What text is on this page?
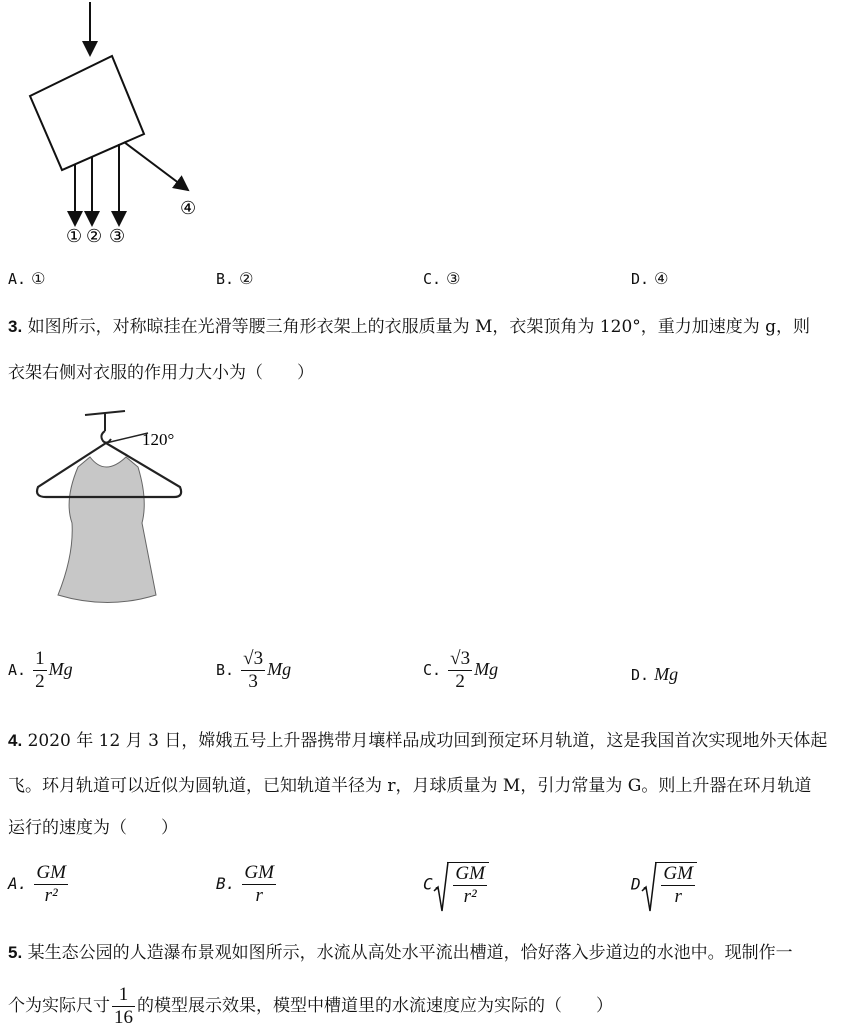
① ② ③
④
A. ①	B. ②	C. ③	D. ④
3. 如图所示，对称晾挂在光滑等腰三角形衣架上的衣服质量为 M，衣架顶角为 120°，重力加速度为 g，则
衣架右侧对衣服的作用力大小为（　　）
120°
A. $\frac{1}{2}$ Mg	B. $\frac{√3}{3}$ Mg	C. $\frac{√3}{2}$ Mg	D. Mg
4. 2020 年 12 月 3 日，嫦娥五号上升器携带月壤样品成功回到预定环月轨道，这是我国首次实现地外天体起
飞。环月轨道可以近似为圆轨道，已知轨道半径为 r，月球质量为 M，引力常量为 G。则上升器在环月轨道
运行的速度为（　　）
A. $\frac{GM}{\text{r²}}$	B. $\frac{GM}{r}$	C. $\frac{GM}{\text{r²}}$	D. $\frac{GM}{r}$
5. 某生态公园的人造瀑布景观如图所示，水流从高处水平流出槽道，恰好落入步道边的水池中。现制作一
个为实际尺寸 $\frac{1}{16}$ 的模型展示效果，模型中槽道里的水流速度应为实际的（　　）
